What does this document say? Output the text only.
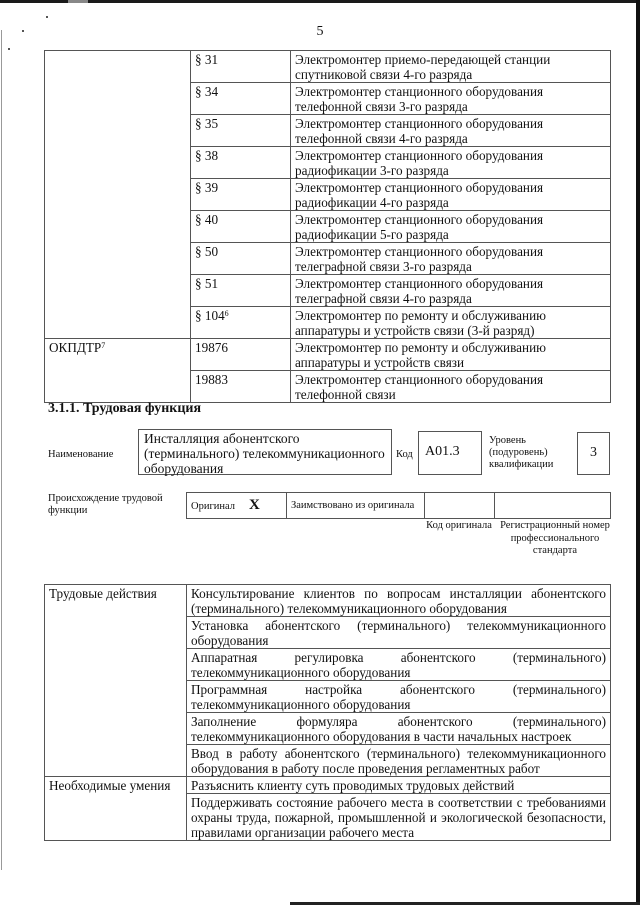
5
	§ 31	Электромонтер приемо-передающей станции спутниковой связи 4-го разряда
	§ 34	Электромонтер станционного оборудования телефонной связи 3-го разряда
	§ 35	Электромонтер станционного оборудования телефонной связи 4-го разряда
	§ 38	Электромонтер станционного оборудования радиофикации 3-го разряда
	§ 39	Электромонтер станционного оборудования радиофикации 4-го разряда
	§ 40	Электромонтер станционного оборудования радиофикации 5-го разряда
	§ 50	Электромонтер станционного оборудования телеграфной связи 3-го разряда
	§ 51	Электромонтер станционного оборудования телеграфной связи 4-го разряда
	§ $104^6$	Электромонтер по ремонту и обслуживанию аппаратуры и устройств связи (3-й разряд)
ОКПДТР$^7$	19876	Электромонтер по ремонту и обслуживанию аппаратуры и устройств связи
	19883	Электромонтер станционного оборудования телефонной связи
3.1.1. Трудовая функция
Наименование
Инсталляция абонентского (терминального) телекоммуникационного оборудования
Код A01.3
Уровень (подуровень) квалификации
3
Происхождение трудовой функции	Оригинал X	Заимствовано из оригинала		
Код оригинала Регистрационный номер профессионального стандарта
Трудовые действия	Консультирование клиентов по вопросам инсталляции абонентского (терминального) телекоммуникационного оборудования
	Установка абонентского (терминального) телекоммуникационного оборудования
	Аппаратная регулировка абонентского (терминального) телекоммуникационного оборудования
	Программная настройка абонентского (терминального) телекоммуникационного оборудования
	Заполнение формуляра абонентского (терминального) телекоммуникационного оборудования в части начальных настроек
	Ввод в работу абонентского (терминального) телекоммуникационного оборудования в работу после проведения регламентных работ
Необходимые умения	Разъяснить клиенту суть проводимых трудовых действий
	Поддерживать состояние рабочего места в соответствии с требованиями охраны труда, пожарной, промышленной и экологической безопасности, правилами организации рабочего места
